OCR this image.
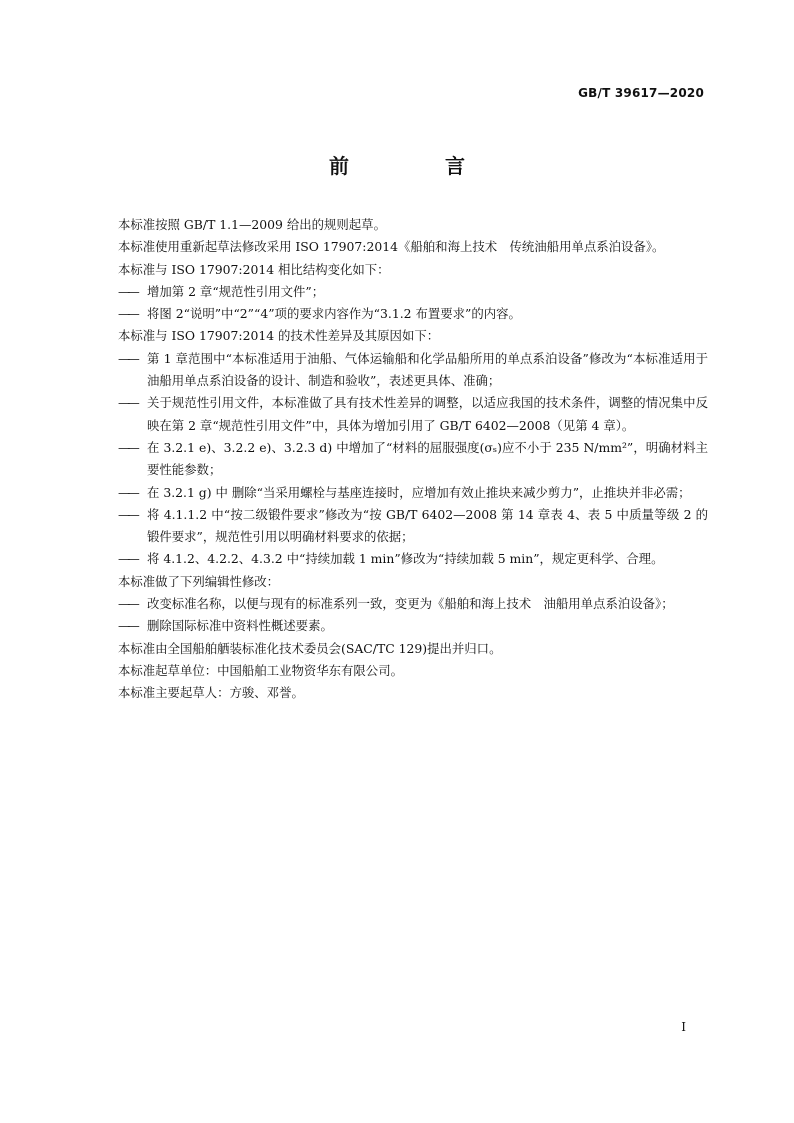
GB/T 39617—2020
前　言

本标准按照 GB/T 1.1—2009 给出的规则起草。

本标准使用重新起草法修改采用 ISO 17907:2014《船舶和海上技术　传统油船用单点系泊设备》。

本标准与 ISO 17907:2014 相比结构变化如下：

—— 增加第 2 章“规范性引用文件”；
—— 将图 2“说明”中“2”“4”项的要求内容作为“3.1.2 布置要求”的内容。

本标准与 ISO 17907:2014 的技术性差异及其原因如下：

—— 第 1 章范围中“本标准适用于油船、气体运输船和化学品船所用的单点系泊设备”修改为“本标准适用于油船用单点系泊设备的设计、制造和验收”，表述更具体、准确；
—— 关于规范性引用文件，本标准做了具有技术性差异的调整，以适应我国的技术条件，调整的情况集中反映在第 2 章“规范性引用文件”中，具体为增加引用了 GB/T 6402—2008（见第 4 章）。
—— 在 3.2.1 e)、3.2.2 e)、3.2.3 d) 中增加了“材料的屈服强度(σₛ)应不小于 235 N/mm²”，明确材料主要性能参数；
—— 在 3.2.1 g) 中 删除“当采用螺栓与基座连接时，应增加有效止推块来减少剪力”，止推块并非必需；
—— 将 4.1.1.2 中“按二级锻件要求”修改为“按 GB/T 6402—2008 第 14 章表 4、表 5 中质量等级 2 的锻件要求”，规范性引用以明确材料要求的依据；
—— 将 4.1.2、4.2.2、4.3.2 中“持续加载 1 min”修改为“持续加载 5 min”，规定更科学、合理。

本标准做了下列编辑性修改：

—— 改变标准名称，以便与现有的标准系列一致，变更为《船舶和海上技术　油船用单点系泊设备》；
—— 删除国际标准中资料性概述要素。

本标准由全国船舶舾装标准化技术委员会(SAC/TC 129)提出并归口。

本标准起草单位：中国船舶工业物资华东有限公司。

本标准主要起草人：方骏、邓誉。

I
